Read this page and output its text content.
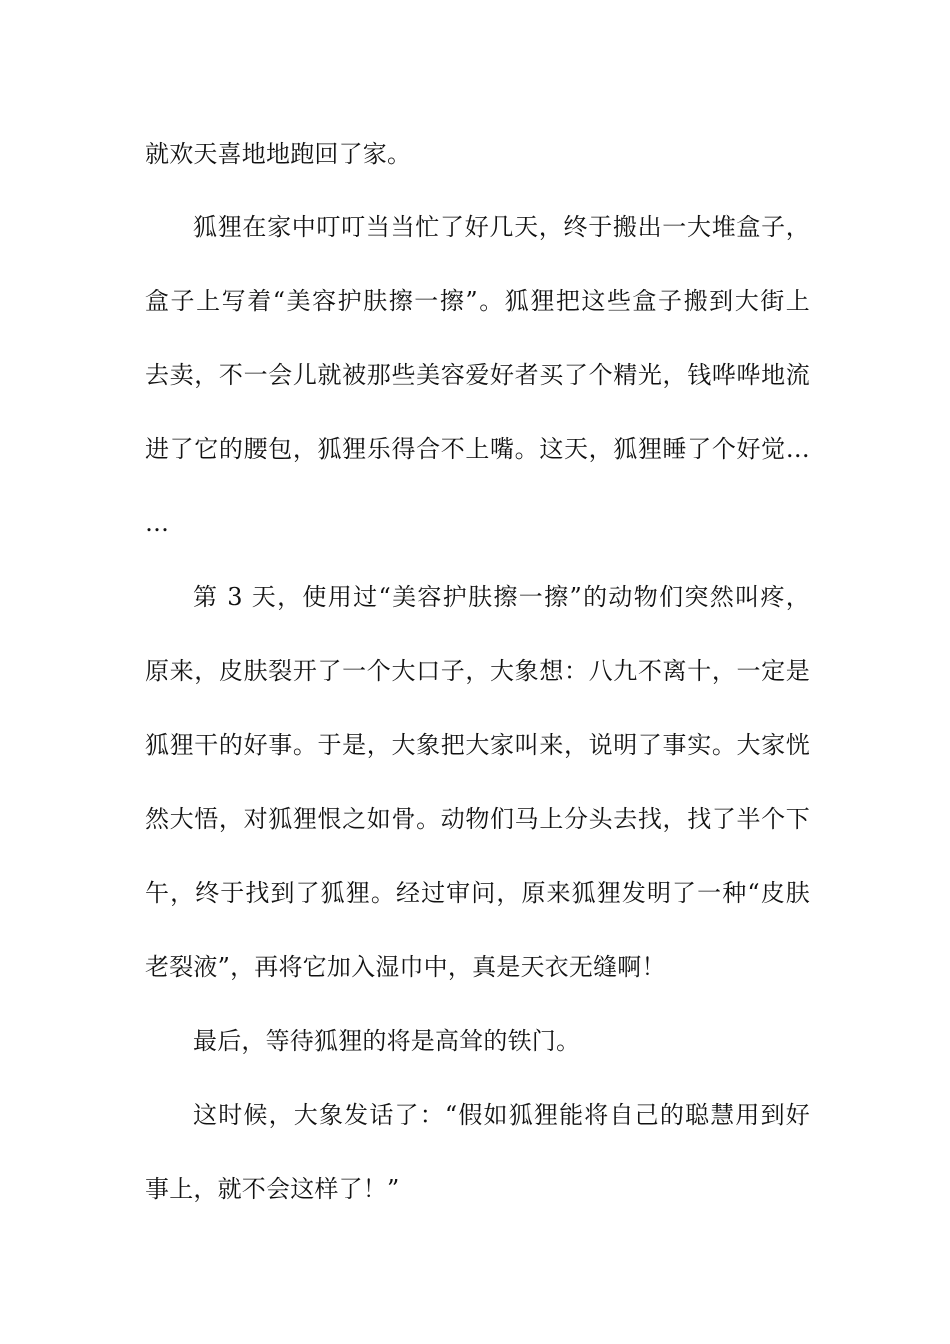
就欢天喜地地跑回了家。
狐狸在家中叮叮当当忙了好几天，终于搬出一大堆盒子，
盒子上写着“美容护肤擦一擦”。狐狸把这些盒子搬到大街上
去卖，不一会儿就被那些美容爱好者买了个精光，钱哗哗地流
进了它的腰包，狐狸乐得合不上嘴。这天，狐狸睡了个好觉…
…
第 3 天，使用过“美容护肤擦一擦”的动物们突然叫疼，
原来，皮肤裂开了一个大口子，大象想：八九不离十，一定是
狐狸干的好事。于是，大象把大家叫来，说明了事实。大家恍
然大悟，对狐狸恨之如骨。动物们马上分头去找，找了半个下
午，终于找到了狐狸。经过审问，原来狐狸发明了一种“皮肤
老裂液”，再将它加入湿巾中，真是天衣无缝啊！
最后，等待狐狸的将是高耸的铁门。
这时候，大象发话了：“假如狐狸能将自己的聪慧用到好
事上，就不会这样了！”
